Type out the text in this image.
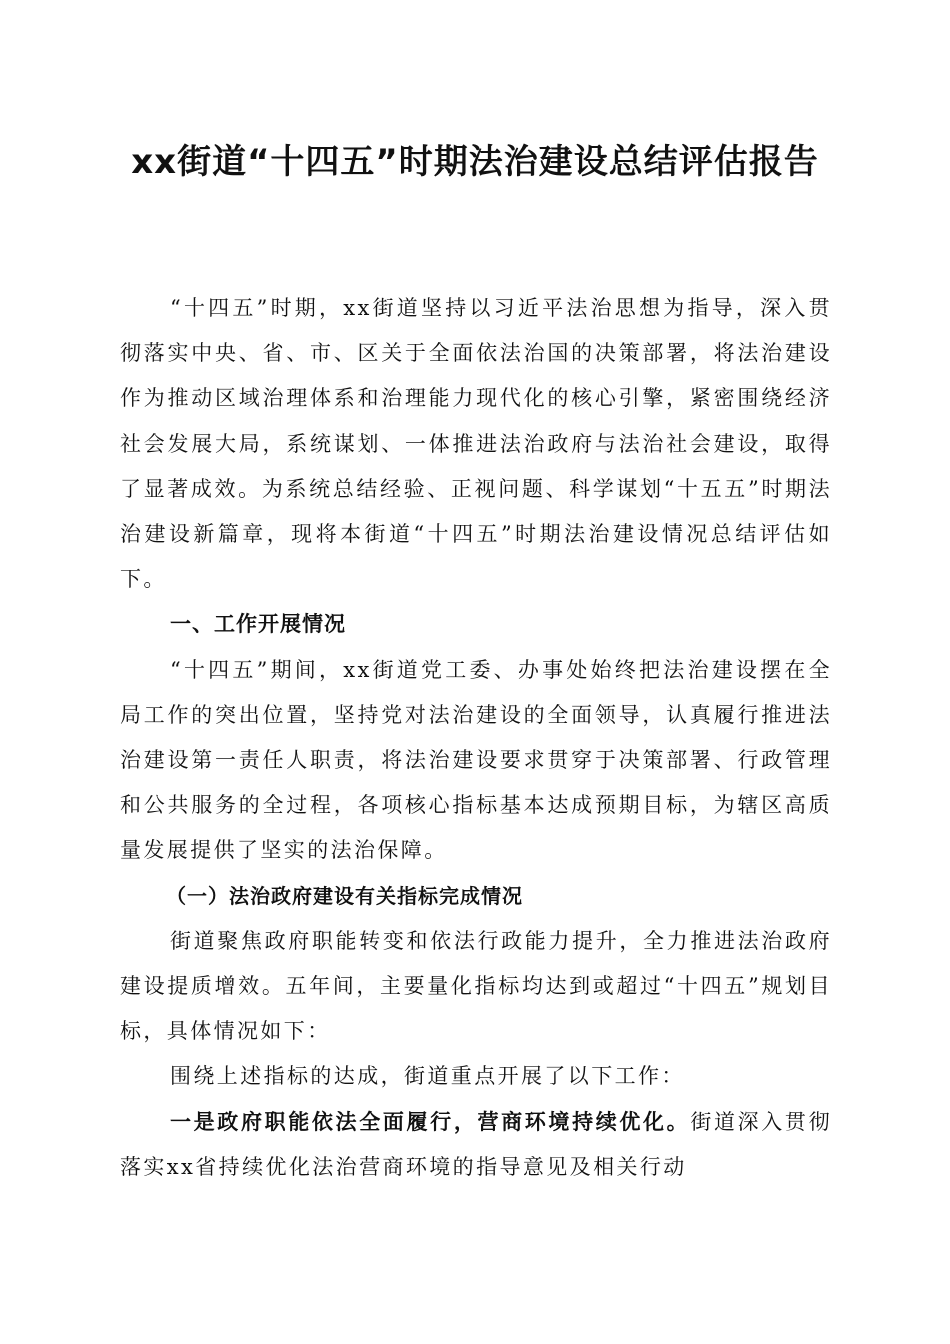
xx街道“十四五”时期法治建设总结评估报告

“十四五”时期，xx街道坚持以习近平法治思想为指导，深入贯彻落实中央、省、市、区关于全面依法治国的决策部署，将法治建设作为推动区域治理体系和治理能力现代化的核心引擎，紧密围绕经济社会发展大局，系统谋划、一体推进法治政府与法治社会建设，取得了显著成效。为系统总结经验、正视问题、科学谋划“十五五”时期法治建设新篇章，现将本街道“十四五”时期法治建设情况总结评估如下。

一、工作开展情况

“十四五”期间，xx街道党工委、办事处始终把法治建设摆在全局工作的突出位置，坚持党对法治建设的全面领导，认真履行推进法治建设第一责任人职责，将法治建设要求贯穿于决策部署、行政管理和公共服务的全过程，各项核心指标基本达成预期目标，为辖区高质量发展提供了坚实的法治保障。

（一）法治政府建设有关指标完成情况

街道聚焦政府职能转变和依法行政能力提升，全力推进法治政府建设提质增效。五年间，主要量化指标均达到或超过“十四五”规划目标，具体情况如下：

围绕上述指标的达成，街道重点开展了以下工作：

一是政府职能依法全面履行，营商环境持续优化。街道深入贯彻落实xx省持续优化法治营商环境的指导意见及相关行动
